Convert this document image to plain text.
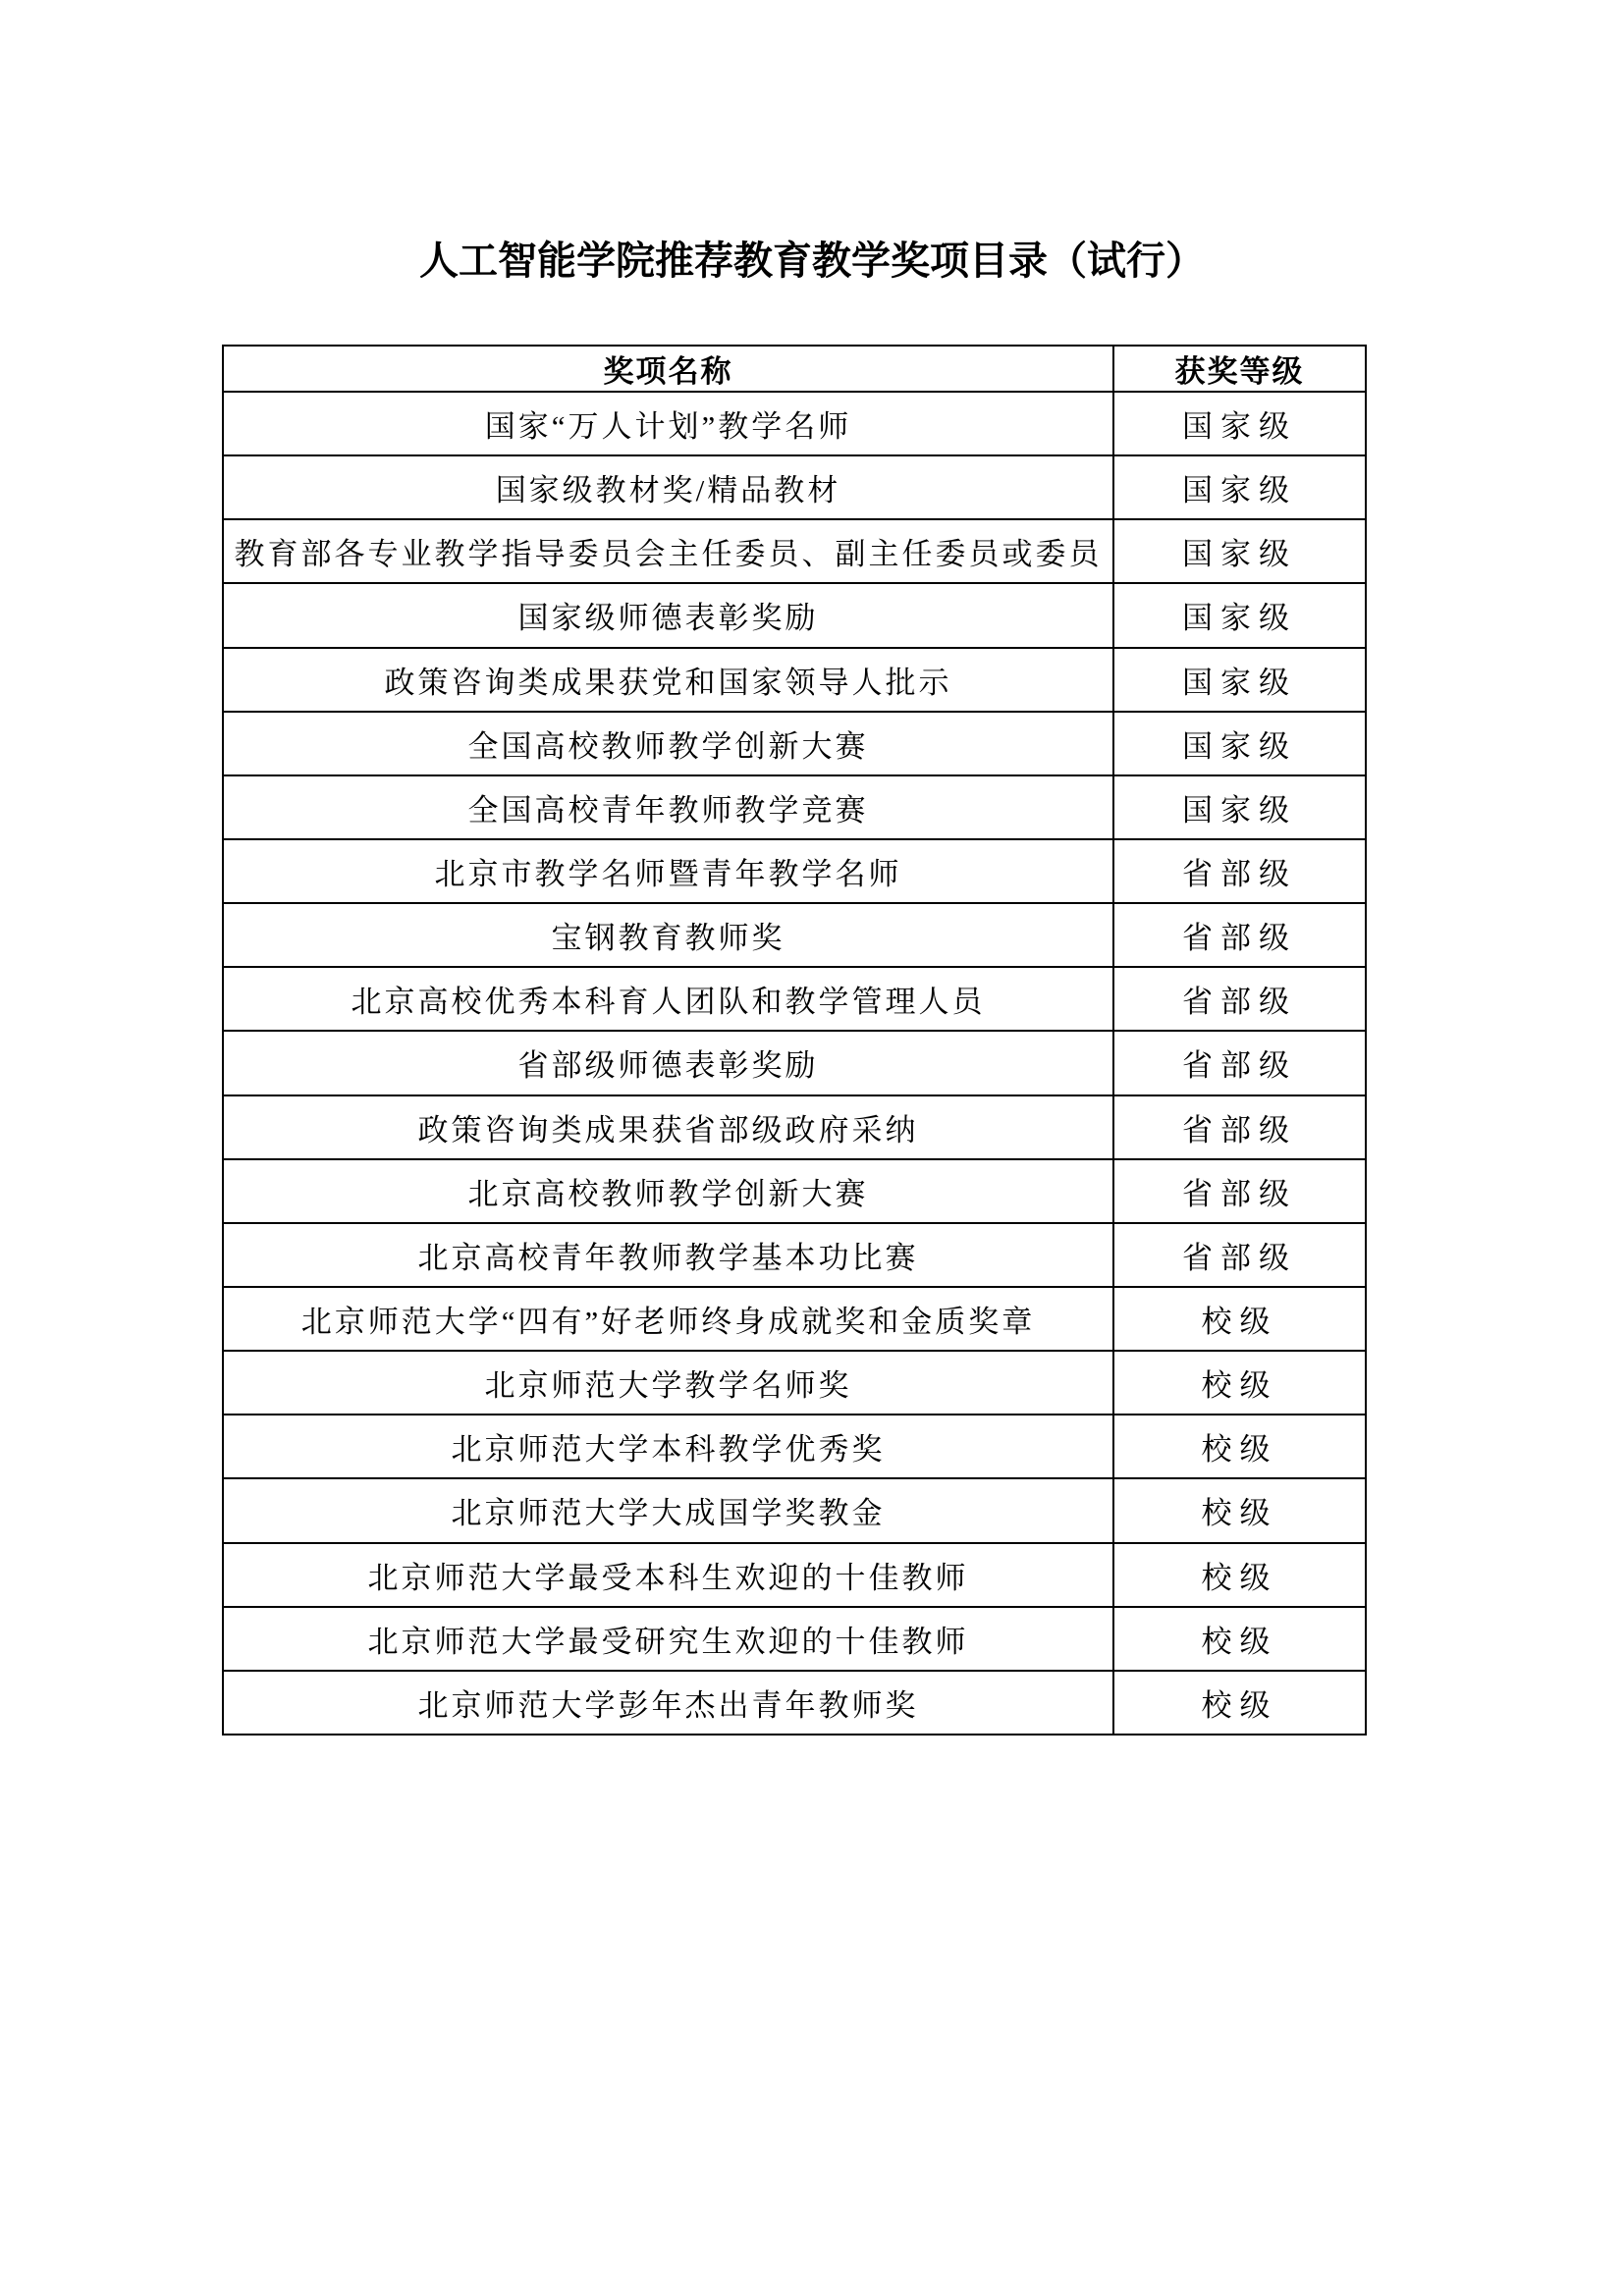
人工智能学院推荐教育教学奖项目录（试行）
奖项名称	获奖等级
国家“万人计划”教学名师	国家级
国家级教材奖/精品教材	国家级
教育部各专业教学指导委员会主任委员、副主任委员或委员	国家级
国家级师德表彰奖励	国家级
政策咨询类成果获党和国家领导人批示	国家级
全国高校教师教学创新大赛	国家级
全国高校青年教师教学竞赛	国家级
北京市教学名师暨青年教学名师	省部级
宝钢教育教师奖	省部级
北京高校优秀本科育人团队和教学管理人员	省部级
省部级师德表彰奖励	省部级
政策咨询类成果获省部级政府采纳	省部级
北京高校教师教学创新大赛	省部级
北京高校青年教师教学基本功比赛	省部级
北京师范大学“四有”好老师终身成就奖和金质奖章	校级
北京师范大学教学名师奖	校级
北京师范大学本科教学优秀奖	校级
北京师范大学大成国学奖教金	校级
北京师范大学最受本科生欢迎的十佳教师	校级
北京师范大学最受研究生欢迎的十佳教师	校级
北京师范大学彭年杰出青年教师奖	校级
